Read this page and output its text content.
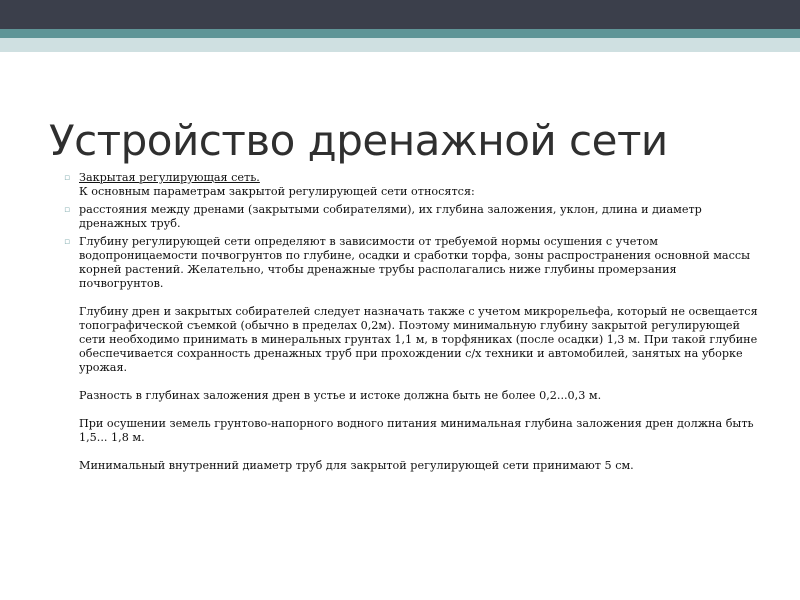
Устройство дренажной сети
▫ Закрытая регулирующая сеть.
К основным параметрам закрытой регулирующей сети относятся:
▫ расстояния между дренами (закрытыми собирателями), их глубина заложения, уклон, длина и диаметр дренажных труб.
▫ Глубину регулирующей сети определяют в зависимости от требуемой нормы осушения с учетом водопроницаемости почвогрунтов по глубине, осадки и сработки торфа, зоны распространения основной массы корней растений. Желательно, чтобы дренажные трубы располагались ниже глубины промерзания почвогрунтов.
Глубину дрен и закрытых собирателей следует назначать также с учетом микрорельефа, который не освещается топографической съемкой (обычно в пределах 0,2м). Поэтому минимальную глубину закрытой регулирующей сети необходимо принимать в минеральных грунтах 1,1 м, в торфяниках (после осадки) 1,3 м. При такой глубине обеспечивается сохранность дренажных труб при прохождении с/х техники и автомобилей, занятых на уборке урожая.
Разность в глубинах заложения дрен в устье и истоке должна быть не более 0,2...0,3 м.
При осушении земель грунтово-напорного водного питания минимальная глубина заложения дрен должна быть 1,5... 1,8 м.
Минимальный внутренний диаметр труб для закрытой регулирующей сети принимают 5 см.
